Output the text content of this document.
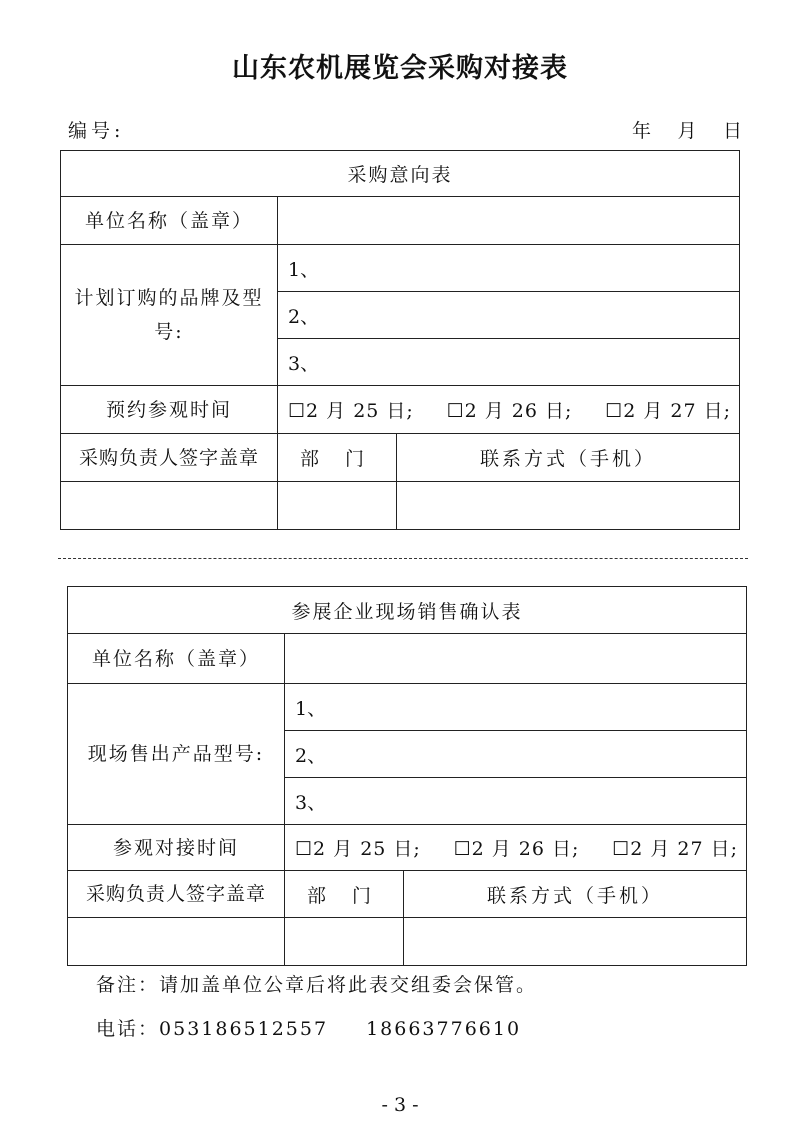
山东农机展览会采购对接表
编号:	年 月 日
采购意向表		
单位名称（盖章）		
计划订购的品牌及型号:	1、	
	2、	
	3、	
预约参观时间	☐2 月 25 日; ☐2 月 26 日; ☐2 月 27 日;	

采购负责人签字盖章	部 门	联系方式（手机）

参展企业现场销售确认表		
单位名称（盖章）		
现场售出产品型号:	1、	
	2、	
	3、	
参观对接时间	☐2 月 25 日; ☐2 月 26 日; ☐2 月 27 日;	

采购负责人签字盖章	部 门	联系方式（手机）

备注：请加盖单位公章后将此表交组委会保管。
电话：053186512557 18663776610
- 3 -
